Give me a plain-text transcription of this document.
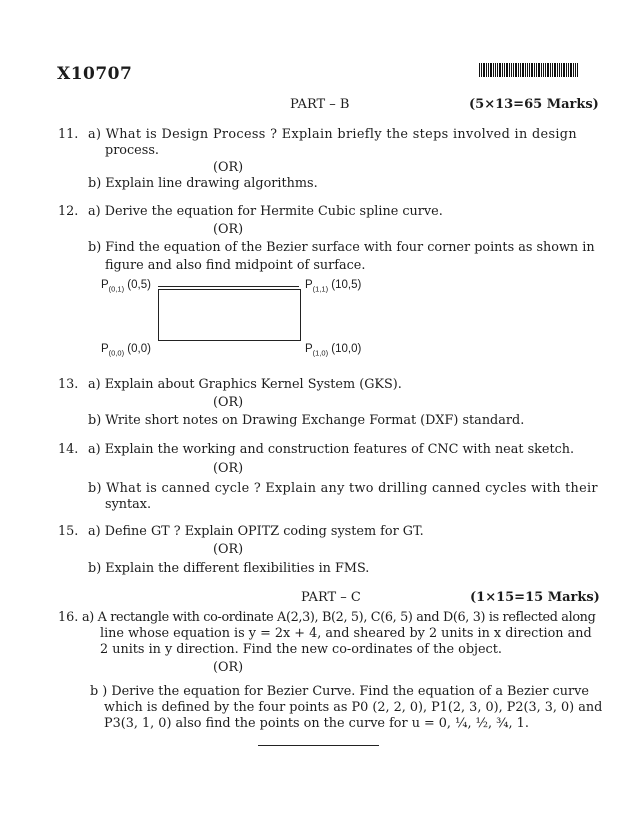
X10707
PART – B	(5×13=65 Marks)
11. a) What is Design Process ? Explain briefly the steps involved in design
process.
(OR)
b) Explain line drawing algorithms.
12. a) Derive the equation for Hermite Cubic spline curve.
(OR)
b) Find the equation of the Bezier surface with four corner points as shown in
figure and also find midpoint of surface.
$P_{(0,1)}$ (0,5)	$P_{(1,1)}$ (10,5)
$P_{(0,0)}$ (0,0)	$P_{(1,0)}$ (10,0)
13. a) Explain about Graphics Kernel System (GKS).
(OR)
b) Write short notes on Drawing Exchange Format (DXF) standard.
14. a) Explain the working and construction features of CNC with neat sketch.
(OR)
b) What is canned cycle ? Explain any two drilling canned cycles with their
syntax.
15. a) Define GT ? Explain OPITZ coding system for GT.
(OR)
b) Explain the different flexibilities in FMS.
PART – C	(1×15=15 Marks)
16. a) A rectangle with co-ordinate A(2,3), B(2, 5), C(6, 5) and D(6, 3) is reflected along
line whose equation is y = 2x + 4, and sheared by 2 units in x direction and
2 units in y direction. Find the new co-ordinates of the object.
(OR)
b ) Derive the equation for Bezier Curve. Find the equation of a Bezier curve
which is defined by the four points as P0 (2, 2, 0), P1(2, 3, 0), P2(3, 3, 0) and
P3(3, 1, 0) also find the points on the curve for u = 0, ¼, ½, ¾, 1.
